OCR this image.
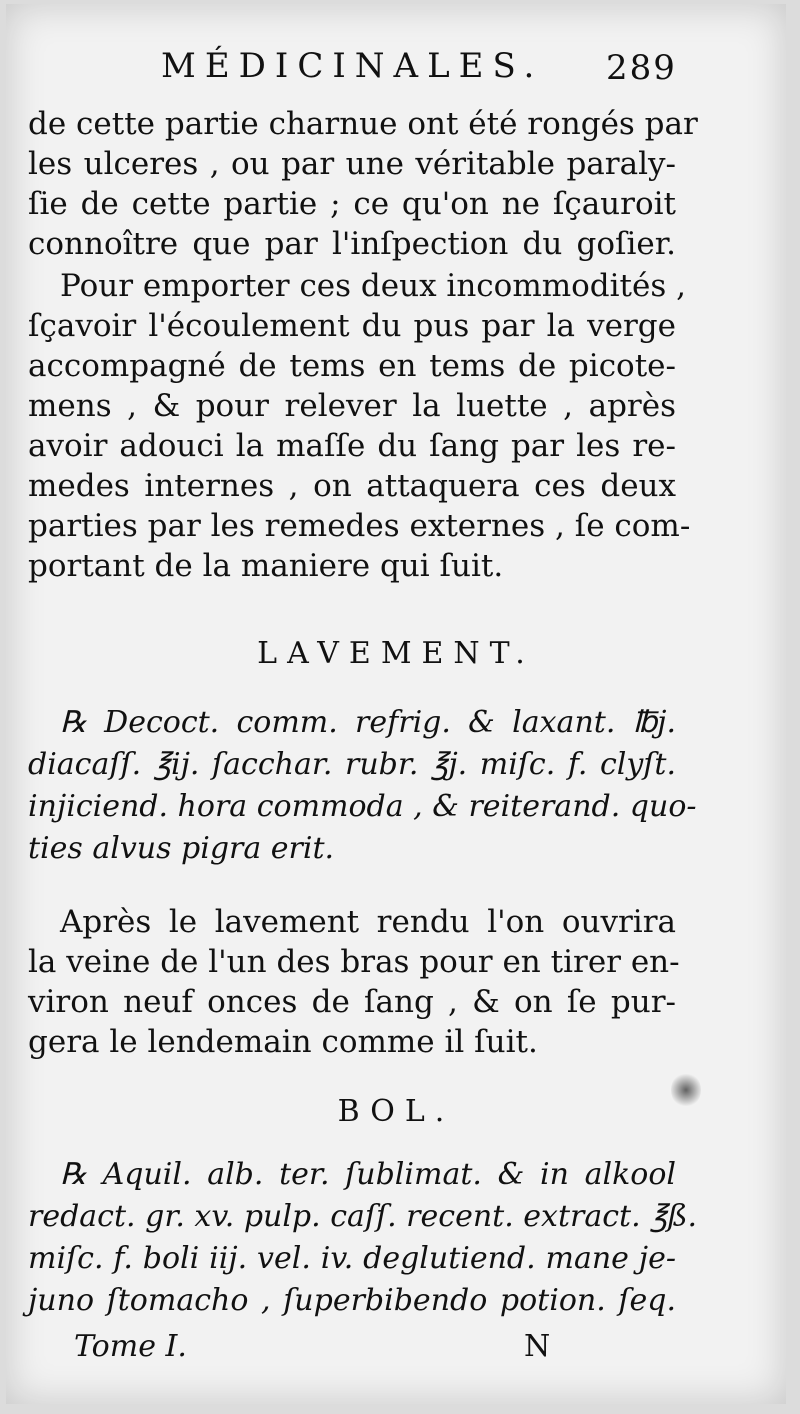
MÉDICINALES. 289
de cette partie charnue ont été rongés par
les ulceres , ou par une véritable paraly-
ſie de cette partie ; ce qu'on ne ſçauroit
connoître que par l'inſpection du goſier.
Pour emporter ces deux incommodités ,
ſçavoir l'écoulement du pus par la verge
accompagné de tems en tems de picote-
mens , & pour relever la luette , après
avoir adouci la maſſe du ſang par les re-
medes internes , on attaquera ces deux
parties par les remedes externes , ſe com-
portant de la maniere qui ſuit.
LAVEMENT.
℞ Decoct. comm. refrig. & laxant. ℔j.
diacaſſ. ℥ij. ſacchar. rubr. ℥j. miſc. f. clyſt.
injiciend. hora commoda , & reiterand. quo-
ties alvus pigra erit.
Après le lavement rendu l'on ouvrira
la veine de l'un des bras pour en tirer en-
viron neuf onces de ſang , & on ſe pur-
gera le lendemain comme il ſuit.
BOL.
℞ Aquil. alb. ter. ſublimat. & in alkool
redact. gr. xv. pulp. caſſ. recent. extract. ℥ß.
miſc. f. boli iij. vel. iv. deglutiend. mane je-
juno ſtomacho , ſuperbibendo potion. ſeq.
Tome I.	N
